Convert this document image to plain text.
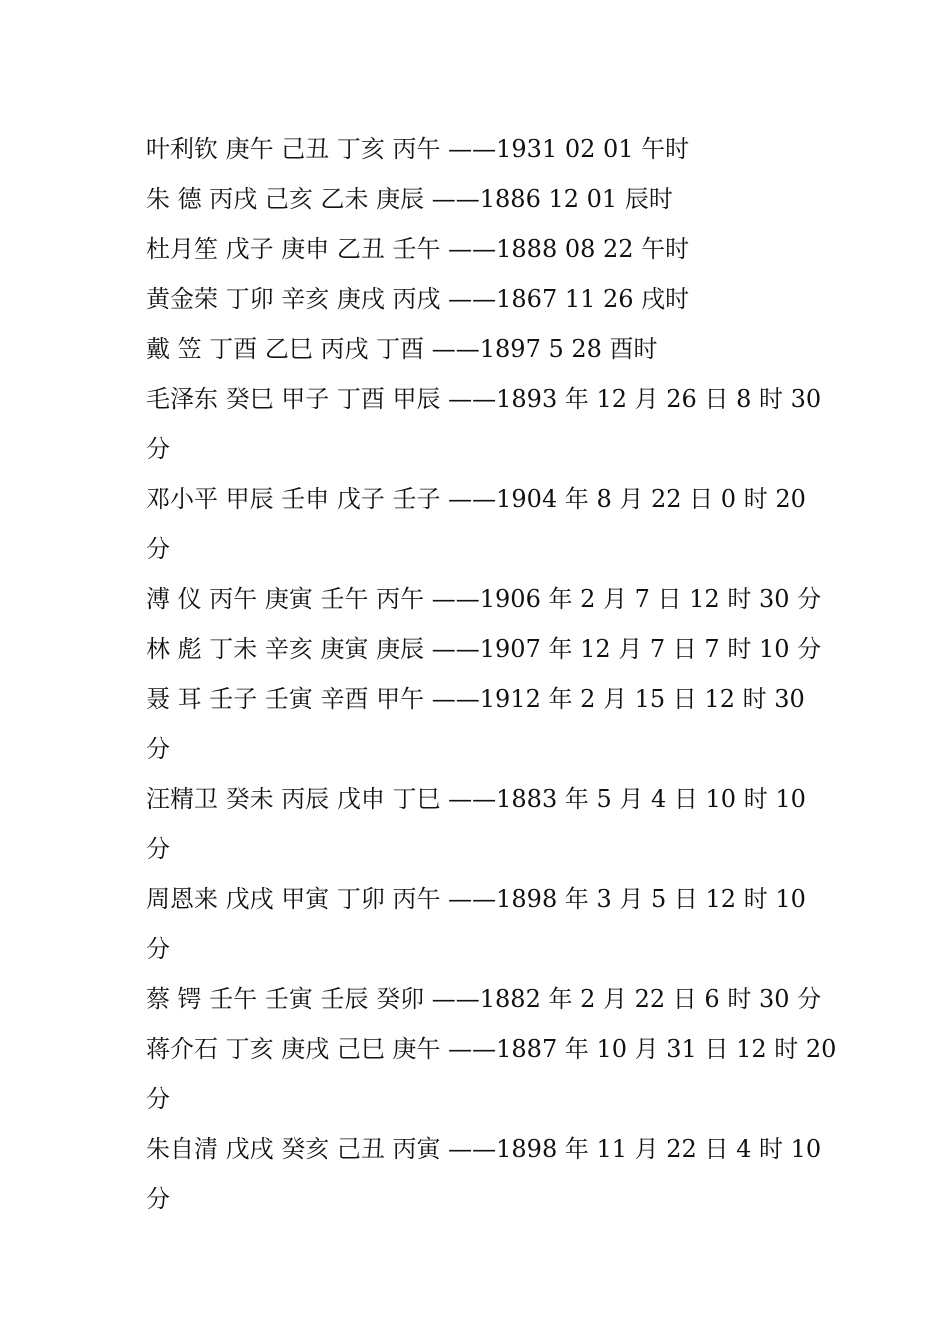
叶利钦 庚午 己丑 丁亥 丙午 ——1931 02 01 午时
朱 德 丙戌 己亥 乙未 庚辰 ——1886 12 01 辰时
杜月笙 戊子 庚申 乙丑 壬午 ——1888 08 22 午时
黄金荣 丁卯 辛亥 庚戌 丙戌 ——1867 11 26 戌时
戴 笠 丁酉 乙巳 丙戌 丁酉 ——1897 5 28 酉时
毛泽东 癸巳 甲子 丁酉 甲辰 ——1893 年 12 月 26 日 8 时 30
分
邓小平 甲辰 壬申 戊子 壬子 ——1904 年 8 月 22 日 0 时 20
分
溥 仪 丙午 庚寅 壬午 丙午 ——1906 年 2 月 7 日 12 时 30 分
林 彪 丁未 辛亥 庚寅 庚辰 ——1907 年 12 月 7 日 7 时 10 分
聂 耳 壬子 壬寅 辛酉 甲午 ——1912 年 2 月 15 日 12 时 30
分
汪精卫 癸未 丙辰 戊申 丁巳 ——1883 年 5 月 4 日 10 时 10
分
周恩来 戊戌 甲寅 丁卯 丙午 ——1898 年 3 月 5 日 12 时 10
分
蔡 锷 壬午 壬寅 壬辰 癸卯 ——1882 年 2 月 22 日 6 时 30 分
蒋介石 丁亥 庚戌 己巳 庚午 ——1887 年 10 月 31 日 12 时 20
分
朱自清 戊戌 癸亥 己丑 丙寅 ——1898 年 11 月 22 日 4 时 10
分
